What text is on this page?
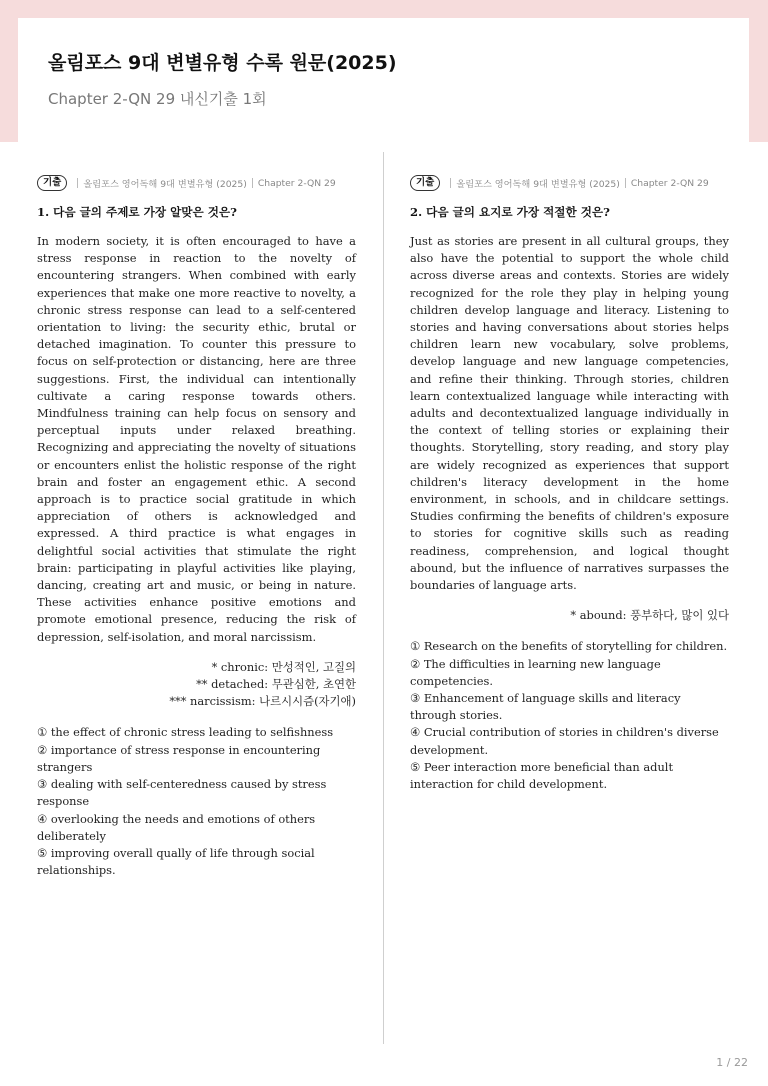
올림포스 9대 변별유형 수록 원문(2025)
Chapter 2-QN 29 내신기출 1회
기출	올림포스 영어독해 9대 변별유형 (2025) Chapter 2-QN 29
1. 다음 글의 주제로 가장 알맞은 것은?

In modern society, it is often encouraged to have a stress response in reaction to the novelty of encountering strangers. When combined with early experiences that make one more reactive to novelty, a chronic stress response can lead to a self-centered orientation to living: the security ethic, brutal or detached imagination. To counter this pressure to focus on self-protection or distancing, here are three suggestions. First, the individual can intentionally cultivate a caring response towards others. Mindfulness training can help focus on sensory and perceptual inputs under relaxed breathing. Recognizing and appreciating the novelty of situations or encounters enlist the holistic response of the right brain and foster an engagement ethic. A second approach is to practice social gratitude in which appreciation of others is acknowledged and expressed. A third practice is what engages in delightful social activities that stimulate the right brain: participating in playful activities like playing, dancing, creating art and music, or being in nature. These activities enhance positive emotions and promote emotional presence, reducing the risk of depression, self-isolation, and moral narcissism.

* chronic: 만성적인, 고질의
** detached: 무관심한, 초연한
*** narcissism: 나르시시즘(자기애)
① the effect of chronic stress leading to selfishness
② importance of stress response in encountering strangers
③ dealing with self-centeredness caused by stress response
④ overlooking the needs and emotions of others deliberately
⑤ improving overall qually of life through social relationships.
기출	올림포스 영어독해 9대 변별유형 (2025) Chapter 2-QN 29
2. 다음 글의 요지로 가장 적절한 것은?

Just as stories are present in all cultural groups, they also have the potential to support the whole child across diverse areas and contexts. Stories are widely recognized for the role they play in helping young children develop language and literacy. Listening to stories and having conversations about stories helps children learn new vocabulary, solve problems, develop language and new language competencies, and refine their thinking. Through stories, children learn contextualized language while interacting with adults and decontextualized language individually in the context of telling stories or explaining their thoughts. Storytelling, story reading, and story play are widely recognized as experiences that support children's literacy development in the home environment, in schools, and in childcare settings. Studies confirming the benefits of children's exposure to stories for cognitive skills such as reading readiness, comprehension, and logical thought abound, but the influence of narratives surpasses the boundaries of language arts.

* abound: 풍부하다, 많이 있다
① Research on the benefits of storytelling for children.
② The difficulties in learning new language competencies.
③ Enhancement of language skills and literacy through stories.
④ Crucial contribution of stories in children's diverse development.
⑤ Peer interaction more beneficial than adult interaction for child development.
1 / 22
